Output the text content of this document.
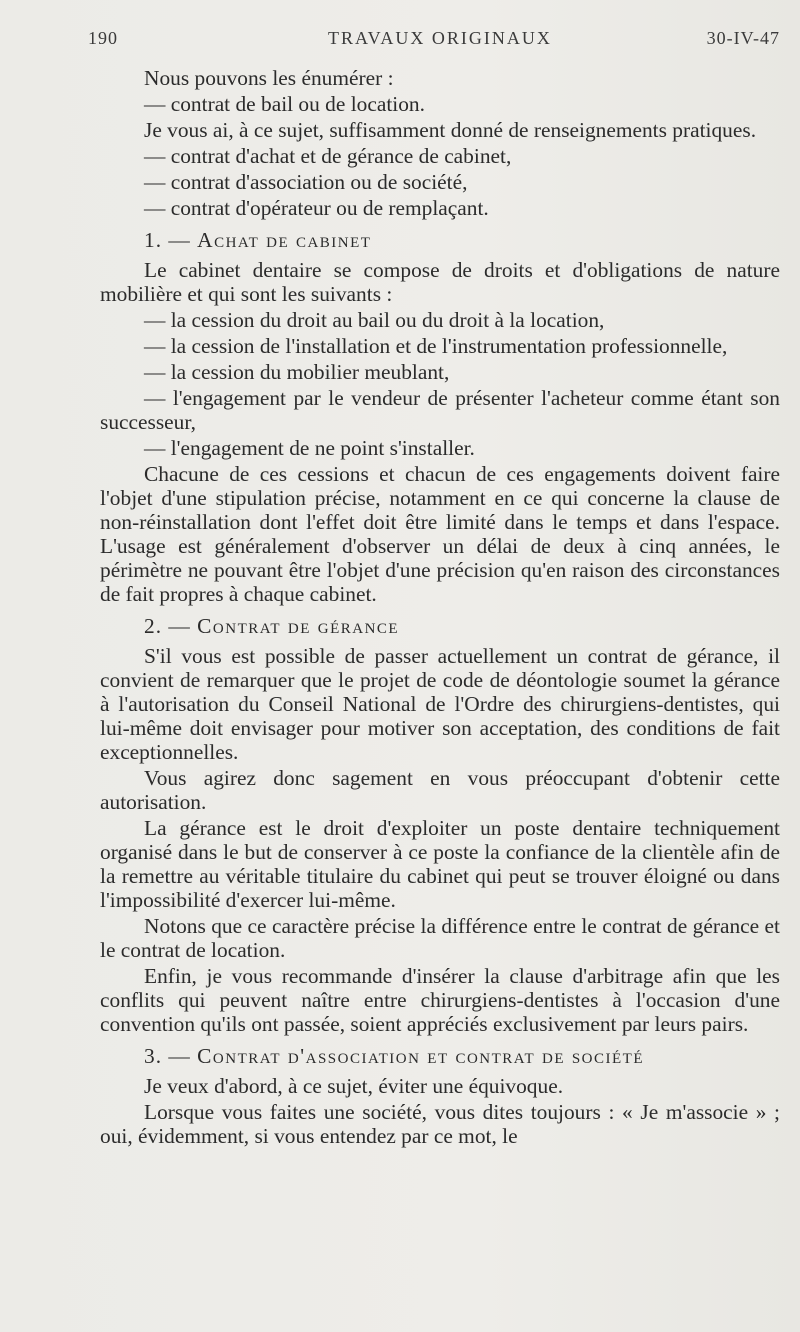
190	TRAVAUX ORIGINAUX	30-IV-47

Nous pouvons les énumérer :

— contrat de bail ou de location.

Je vous ai, à ce sujet, suffisamment donné de renseignements pratiques.

— contrat d'achat et de gérance de cabinet,

— contrat d'association ou de société,

— contrat d'opérateur ou de remplaçant.

1. — Achat de cabinet

Le cabinet dentaire se compose de droits et d'obligations de nature mobilière et qui sont les suivants :

— la cession du droit au bail ou du droit à la location,

— la cession de l'installation et de l'instrumentation professionnelle,

— la cession du mobilier meublant,

— l'engagement par le vendeur de présenter l'acheteur comme étant son successeur,

— l'engagement de ne point s'installer.

Chacune de ces cessions et chacun de ces engagements doivent faire l'objet d'une stipulation précise, notamment en ce qui concerne la clause de non-réinstallation dont l'effet doit être limité dans le temps et dans l'espace. L'usage est généralement d'observer un délai de deux à cinq années, le périmètre ne pouvant être l'objet d'une précision qu'en raison des circonstances de fait propres à chaque cabinet.

2. — Contrat de gérance

S'il vous est possible de passer actuellement un contrat de gérance, il convient de remarquer que le projet de code de déontologie soumet la gérance à l'autorisation du Conseil National de l'Ordre des chirurgiens-dentistes, qui lui-même doit envisager pour motiver son acceptation, des conditions de fait exceptionnelles.

Vous agirez donc sagement en vous préoccupant d'obtenir cette autorisation.

La gérance est le droit d'exploiter un poste dentaire techniquement organisé dans le but de conserver à ce poste la confiance de la clientèle afin de la remettre au véritable titulaire du cabinet qui peut se trouver éloigné ou dans l'impossibilité d'exercer lui-même.

Notons que ce caractère précise la différence entre le contrat de gérance et le contrat de location.

Enfin, je vous recommande d'insérer la clause d'arbitrage afin que les conflits qui peuvent naître entre chirurgiens-dentistes à l'occasion d'une convention qu'ils ont passée, soient appréciés exclusivement par leurs pairs.

3. — Contrat d'association et contrat de société

Je veux d'abord, à ce sujet, éviter une équivoque.

Lorsque vous faites une société, vous dites toujours : « Je m'associe » ; oui, évidemment, si vous entendez par ce mot, le
